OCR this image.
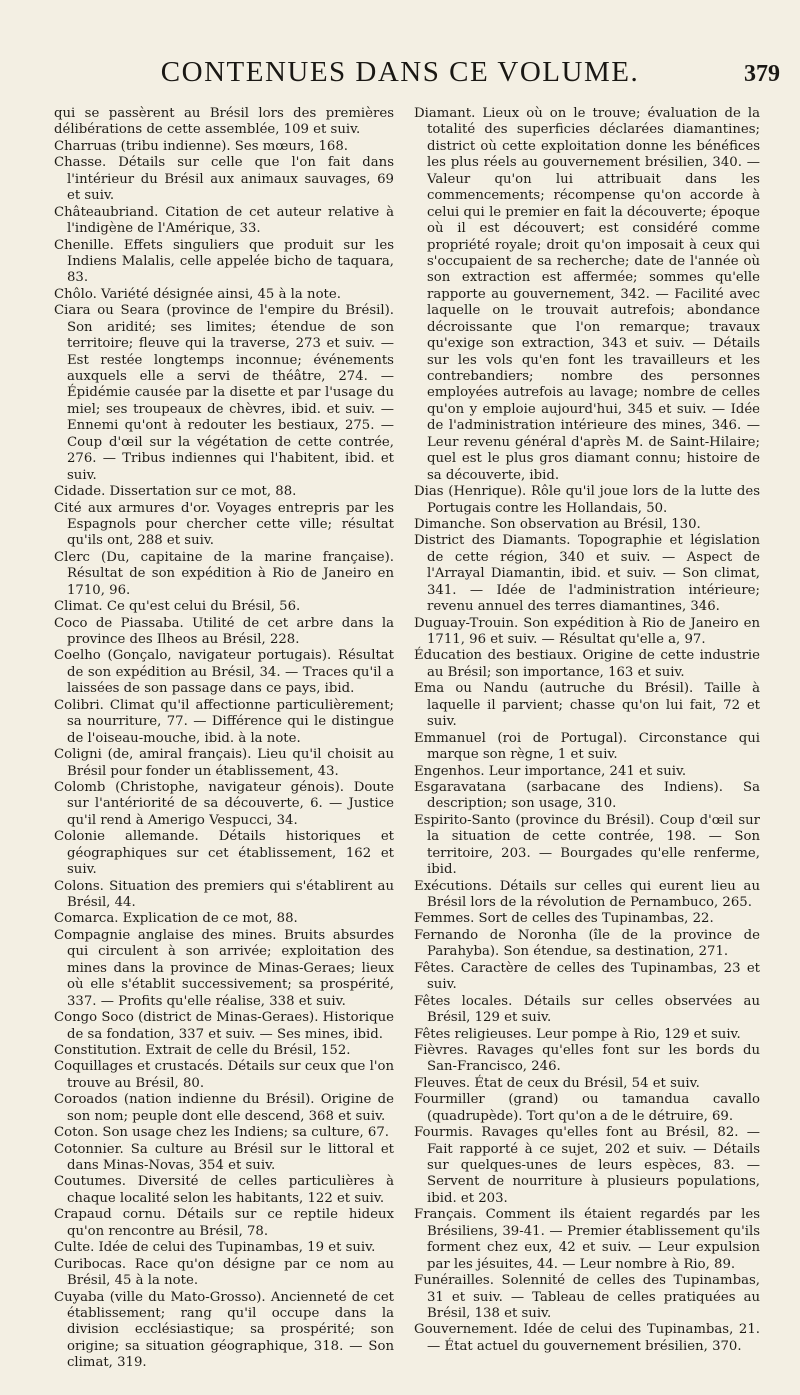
CONTENUES DANS CE VOLUME.	379

qui se passèrent au Brésil lors des premières délibérations de cette assemblée, 109 et suiv.

Charruas (tribu indienne). Ses mœurs, 168.

Chasse. Détails sur celle que l'on fait dans l'intérieur du Brésil aux animaux sauvages, 69 et suiv.

Châteaubriand. Citation de cet auteur relative à l'indigène de l'Amérique, 33.

Chenille. Effets singuliers que produit sur les Indiens Malalis, celle appelée bicho de taquara, 83.

Chôlo. Variété désignée ainsi, 45 à la note.

Ciara ou Seara (province de l'empire du Brésil). Son aridité; ses limites; étendue de son territoire; fleuve qui la traverse, 273 et suiv. — Est restée longtemps inconnue; événements auxquels elle a servi de théâtre, 274. — Épidémie causée par la disette et par l'usage du miel; ses troupeaux de chèvres, ibid. et suiv. — Ennemi qu'ont à redouter les bestiaux, 275. — Coup d'œil sur la végétation de cette contrée, 276. — Tribus indiennes qui l'habitent, ibid. et suiv.

Cidade. Dissertation sur ce mot, 88.

Cité aux armures d'or. Voyages entrepris par les Espagnols pour chercher cette ville; résultat qu'ils ont, 288 et suiv.

Clerc (Du, capitaine de la marine française). Résultat de son expédition à Rio de Janeiro en 1710, 96.

Climat. Ce qu'est celui du Brésil, 56.

Coco de Piassaba. Utilité de cet arbre dans la province des Ilheos au Brésil, 228.

Coelho (Gonçalo, navigateur portugais). Résultat de son expédition au Brésil, 34. — Traces qu'il a laissées de son passage dans ce pays, ibid.

Colibri. Climat qu'il affectionne particulièrement; sa nourriture, 77. — Différence qui le distingue de l'oiseau-mouche, ibid. à la note.

Coligni (de, amiral français). Lieu qu'il choisit au Brésil pour fonder un établissement, 43.

Colomb (Christophe, navigateur génois). Doute sur l'antériorité de sa découverte, 6. — Justice qu'il rend à Amerigo Vespucci, 34.

Colonie allemande. Détails historiques et géographiques sur cet établissement, 162 et suiv.

Colons. Situation des premiers qui s'établirent au Brésil, 44.

Comarca. Explication de ce mot, 88.

Compagnie anglaise des mines. Bruits absurdes qui circulent à son arrivée; exploitation des mines dans la province de Minas-Geraes; lieux où elle s'établit successivement; sa prospérité, 337. — Profits qu'elle réalise, 338 et suiv.

Congo Soco (district de Minas-Geraes). Historique de sa fondation, 337 et suiv. — Ses mines, ibid.

Constitution. Extrait de celle du Brésil, 152.

Coquillages et crustacés. Détails sur ceux que l'on trouve au Brésil, 80.

Coroados (nation indienne du Brésil). Origine de son nom; peuple dont elle descend, 368 et suiv.

Coton. Son usage chez les Indiens; sa culture, 67.

Cotonnier. Sa culture au Brésil sur le littoral et dans Minas-Novas, 354 et suiv.

Coutumes. Diversité de celles particulières à chaque localité selon les habitants, 122 et suiv.

Crapaud cornu. Détails sur ce reptile hideux qu'on rencontre au Brésil, 78.

Culte. Idée de celui des Tupinambas, 19 et suiv.

Curibocas. Race qu'on désigne par ce nom au Brésil, 45 à la note.

Cuyaba (ville du Mato-Grosso). Ancienneté de cet établissement; rang qu'il occupe dans la division ecclésiastique; sa prospérité; son origine; sa situation géographique, 318. — Son climat, 319.

Diamant. Lieux où on le trouve; évaluation de la totalité des superficies déclarées diamantines; district où cette exploitation donne les bénéfices les plus réels au gouvernement brésilien, 340. — Valeur qu'on lui attribuait dans les commencements; récompense qu'on accorde à celui qui le premier en fait la découverte; époque où il est découvert; est considéré comme propriété royale; droit qu'on imposait à ceux qui s'occupaient de sa recherche; date de l'année où son extraction est affermée; sommes qu'elle rapporte au gouvernement, 342. — Facilité avec laquelle on le trouvait autrefois; abondance décroissante que l'on remarque; travaux qu'exige son extraction, 343 et suiv. — Détails sur les vols qu'en font les travailleurs et les contrebandiers; nombre des personnes employées autrefois au lavage; nombre de celles qu'on y emploie aujourd'hui, 345 et suiv. — Idée de l'administration intérieure des mines, 346. — Leur revenu général d'après M. de Saint-Hilaire; quel est le plus gros diamant connu; histoire de sa découverte, ibid.

Dias (Henrique). Rôle qu'il joue lors de la lutte des Portugais contre les Hollandais, 50.

Dimanche. Son observation au Brésil, 130.

District des Diamants. Topographie et législation de cette région, 340 et suiv. — Aspect de l'Arrayal Diamantin, ibid. et suiv. — Son climat, 341. — Idée de l'administration intérieure; revenu annuel des terres diamantines, 346.

Duguay-Trouin. Son expédition à Rio de Janeiro en 1711, 96 et suiv. — Résultat qu'elle a, 97.

Éducation des bestiaux. Origine de cette industrie au Brésil; son importance, 163 et suiv.

Ema ou Nandu (autruche du Brésil). Taille à laquelle il parvient; chasse qu'on lui fait, 72 et suiv.

Emmanuel (roi de Portugal). Circonstance qui marque son règne, 1 et suiv.

Engenhos. Leur importance, 241 et suiv.

Esgaravatana (sarbacane des Indiens). Sa description; son usage, 310.

Espirito-Santo (province du Brésil). Coup d'œil sur la situation de cette contrée, 198. — Son territoire, 203. — Bourgades qu'elle renferme, ibid.

Exécutions. Détails sur celles qui eurent lieu au Brésil lors de la révolution de Pernambuco, 265.

Femmes. Sort de celles des Tupinambas, 22.

Fernando de Noronha (île de la province de Parahyba). Son étendue, sa destination, 271.

Fêtes. Caractère de celles des Tupinambas, 23 et suiv.

Fêtes locales. Détails sur celles observées au Brésil, 129 et suiv.

Fêtes religieuses. Leur pompe à Rio, 129 et suiv.

Fièvres. Ravages qu'elles font sur les bords du San-Francisco, 246.

Fleuves. État de ceux du Brésil, 54 et suiv.

Fourmiller (grand) ou tamandua cavallo (quadrupède). Tort qu'on a de le détruire, 69.

Fourmis. Ravages qu'elles font au Brésil, 82. — Fait rapporté à ce sujet, 202 et suiv. — Détails sur quelques-unes de leurs espèces, 83. — Servent de nourriture à plusieurs populations, ibid. et 203.

Français. Comment ils étaient regardés par les Brésiliens, 39-41. — Premier établissement qu'ils forment chez eux, 42 et suiv. — Leur expulsion par les jésuites, 44. — Leur nombre à Rio, 89.

Funérailles. Solennité de celles des Tupinambas, 31 et suiv. — Tableau de celles pratiquées au Brésil, 138 et suiv.

Gouvernement. Idée de celui des Tupinambas, 21. — État actuel du gouvernement brésilien, 370.
